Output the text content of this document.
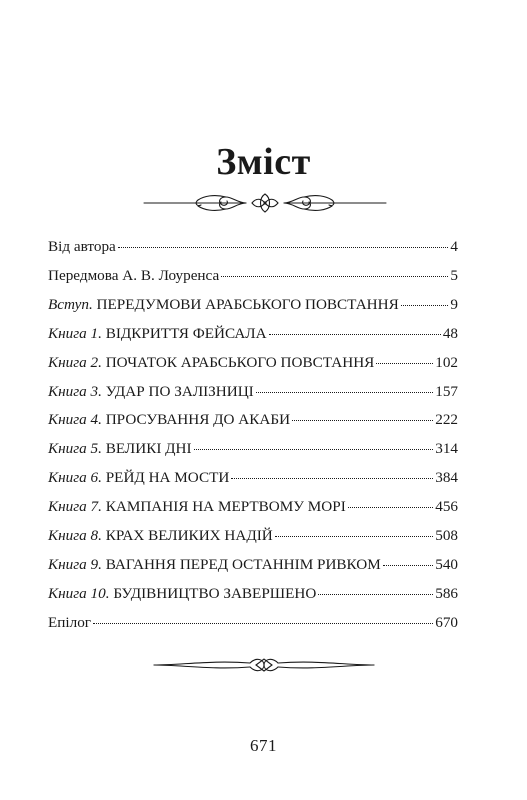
Зміст
Від автора	4
Передмова А. В. Лоуренса	5
Вступ. ПЕРЕДУМОВИ АРАБСЬКОГО ПОВСТАННЯ	9
Книга 1. ВІДКРИТТЯ ФЕЙСАЛА	48
Книга 2. ПОЧАТОК АРАБСЬКОГО ПОВСТАННЯ	102
Книга 3. УДАР ПО ЗАЛІЗНИЦІ	157
Книга 4. ПРОСУВАННЯ ДО АКАБИ	222
Книга 5. ВЕЛИКІ ДНІ	314
Книга 6. РЕЙД НА МОСТИ	384
Книга 7. КАМПАНІЯ НА МЕРТВОМУ МОРІ	456
Книга 8. КРАХ ВЕЛИКИХ НАДІЙ	508
Книга 9. ВАГАННЯ ПЕРЕД ОСТАННІМ РИВКОМ	540
Книга 10. БУДІВНИЦТВО ЗАВЕРШЕНО	586
Епілог	670
671
